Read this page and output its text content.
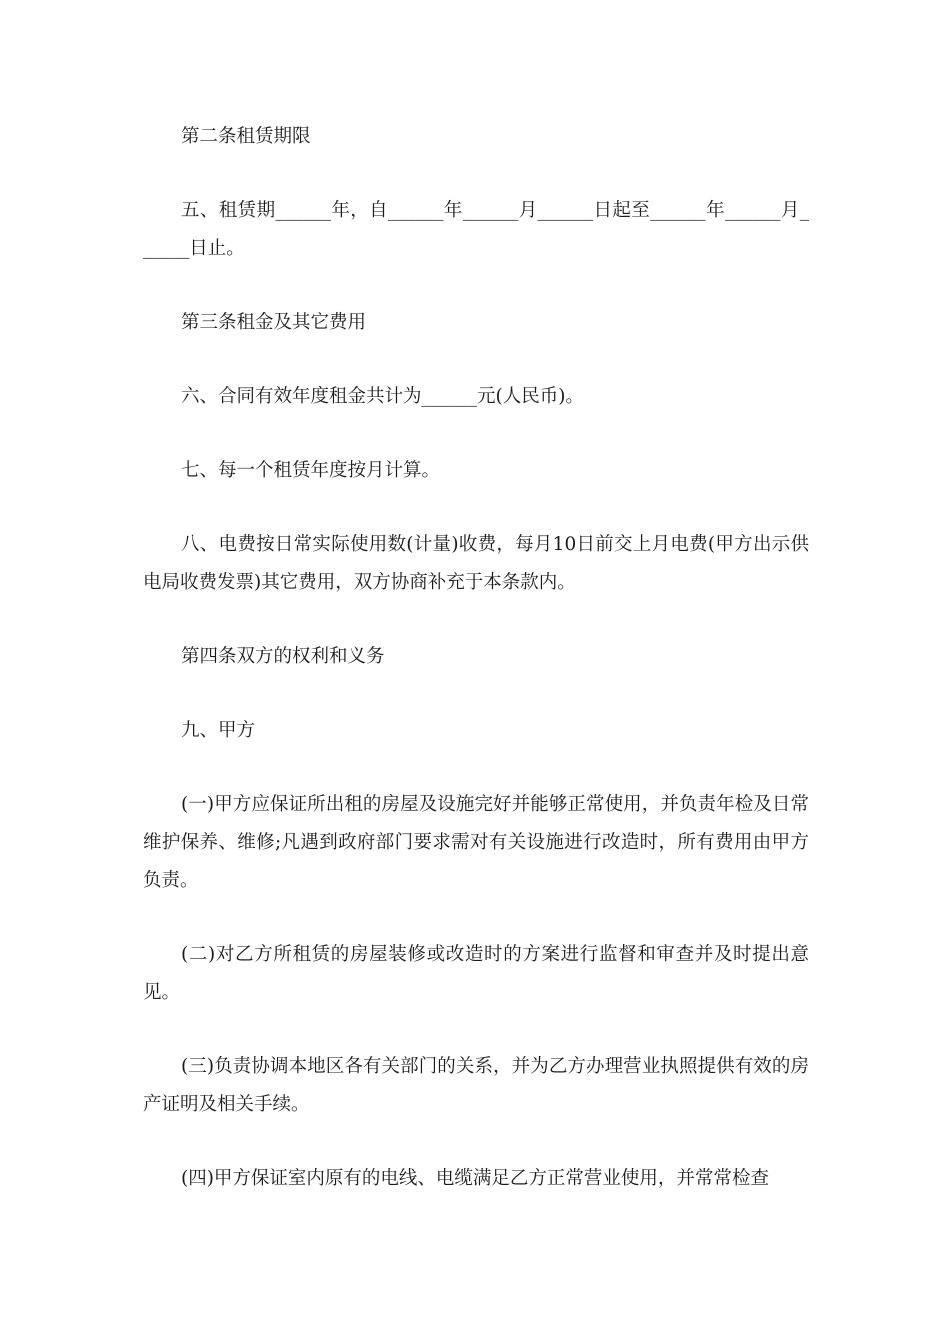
第二条租赁期限

五、租赁期______年，自______年______月______日起至______年______月______日止。

第三条租金及其它费用

六、合同有效年度租金共计为______元(人民币)。

七、每一个租赁年度按月计算。

八、电费按日常实际使用数(计量)收费，每月10日前交上月电费(甲方出示供电局收费发票)其它费用，双方协商补充于本条款内。

第四条双方的权利和义务

九、甲方

(一)甲方应保证所出租的房屋及设施完好并能够正常使用，并负责年检及日常维护保养、维修;凡遇到政府部门要求需对有关设施进行改造时，所有费用由甲方负责。

(二)对乙方所租赁的房屋装修或改造时的方案进行监督和审查并及时提出意见。

(三)负责协调本地区各有关部门的关系，并为乙方办理营业执照提供有效的房产证明及相关手续。

(四)甲方保证室内原有的电线、电缆满足乙方正常营业使用，并常常检查
